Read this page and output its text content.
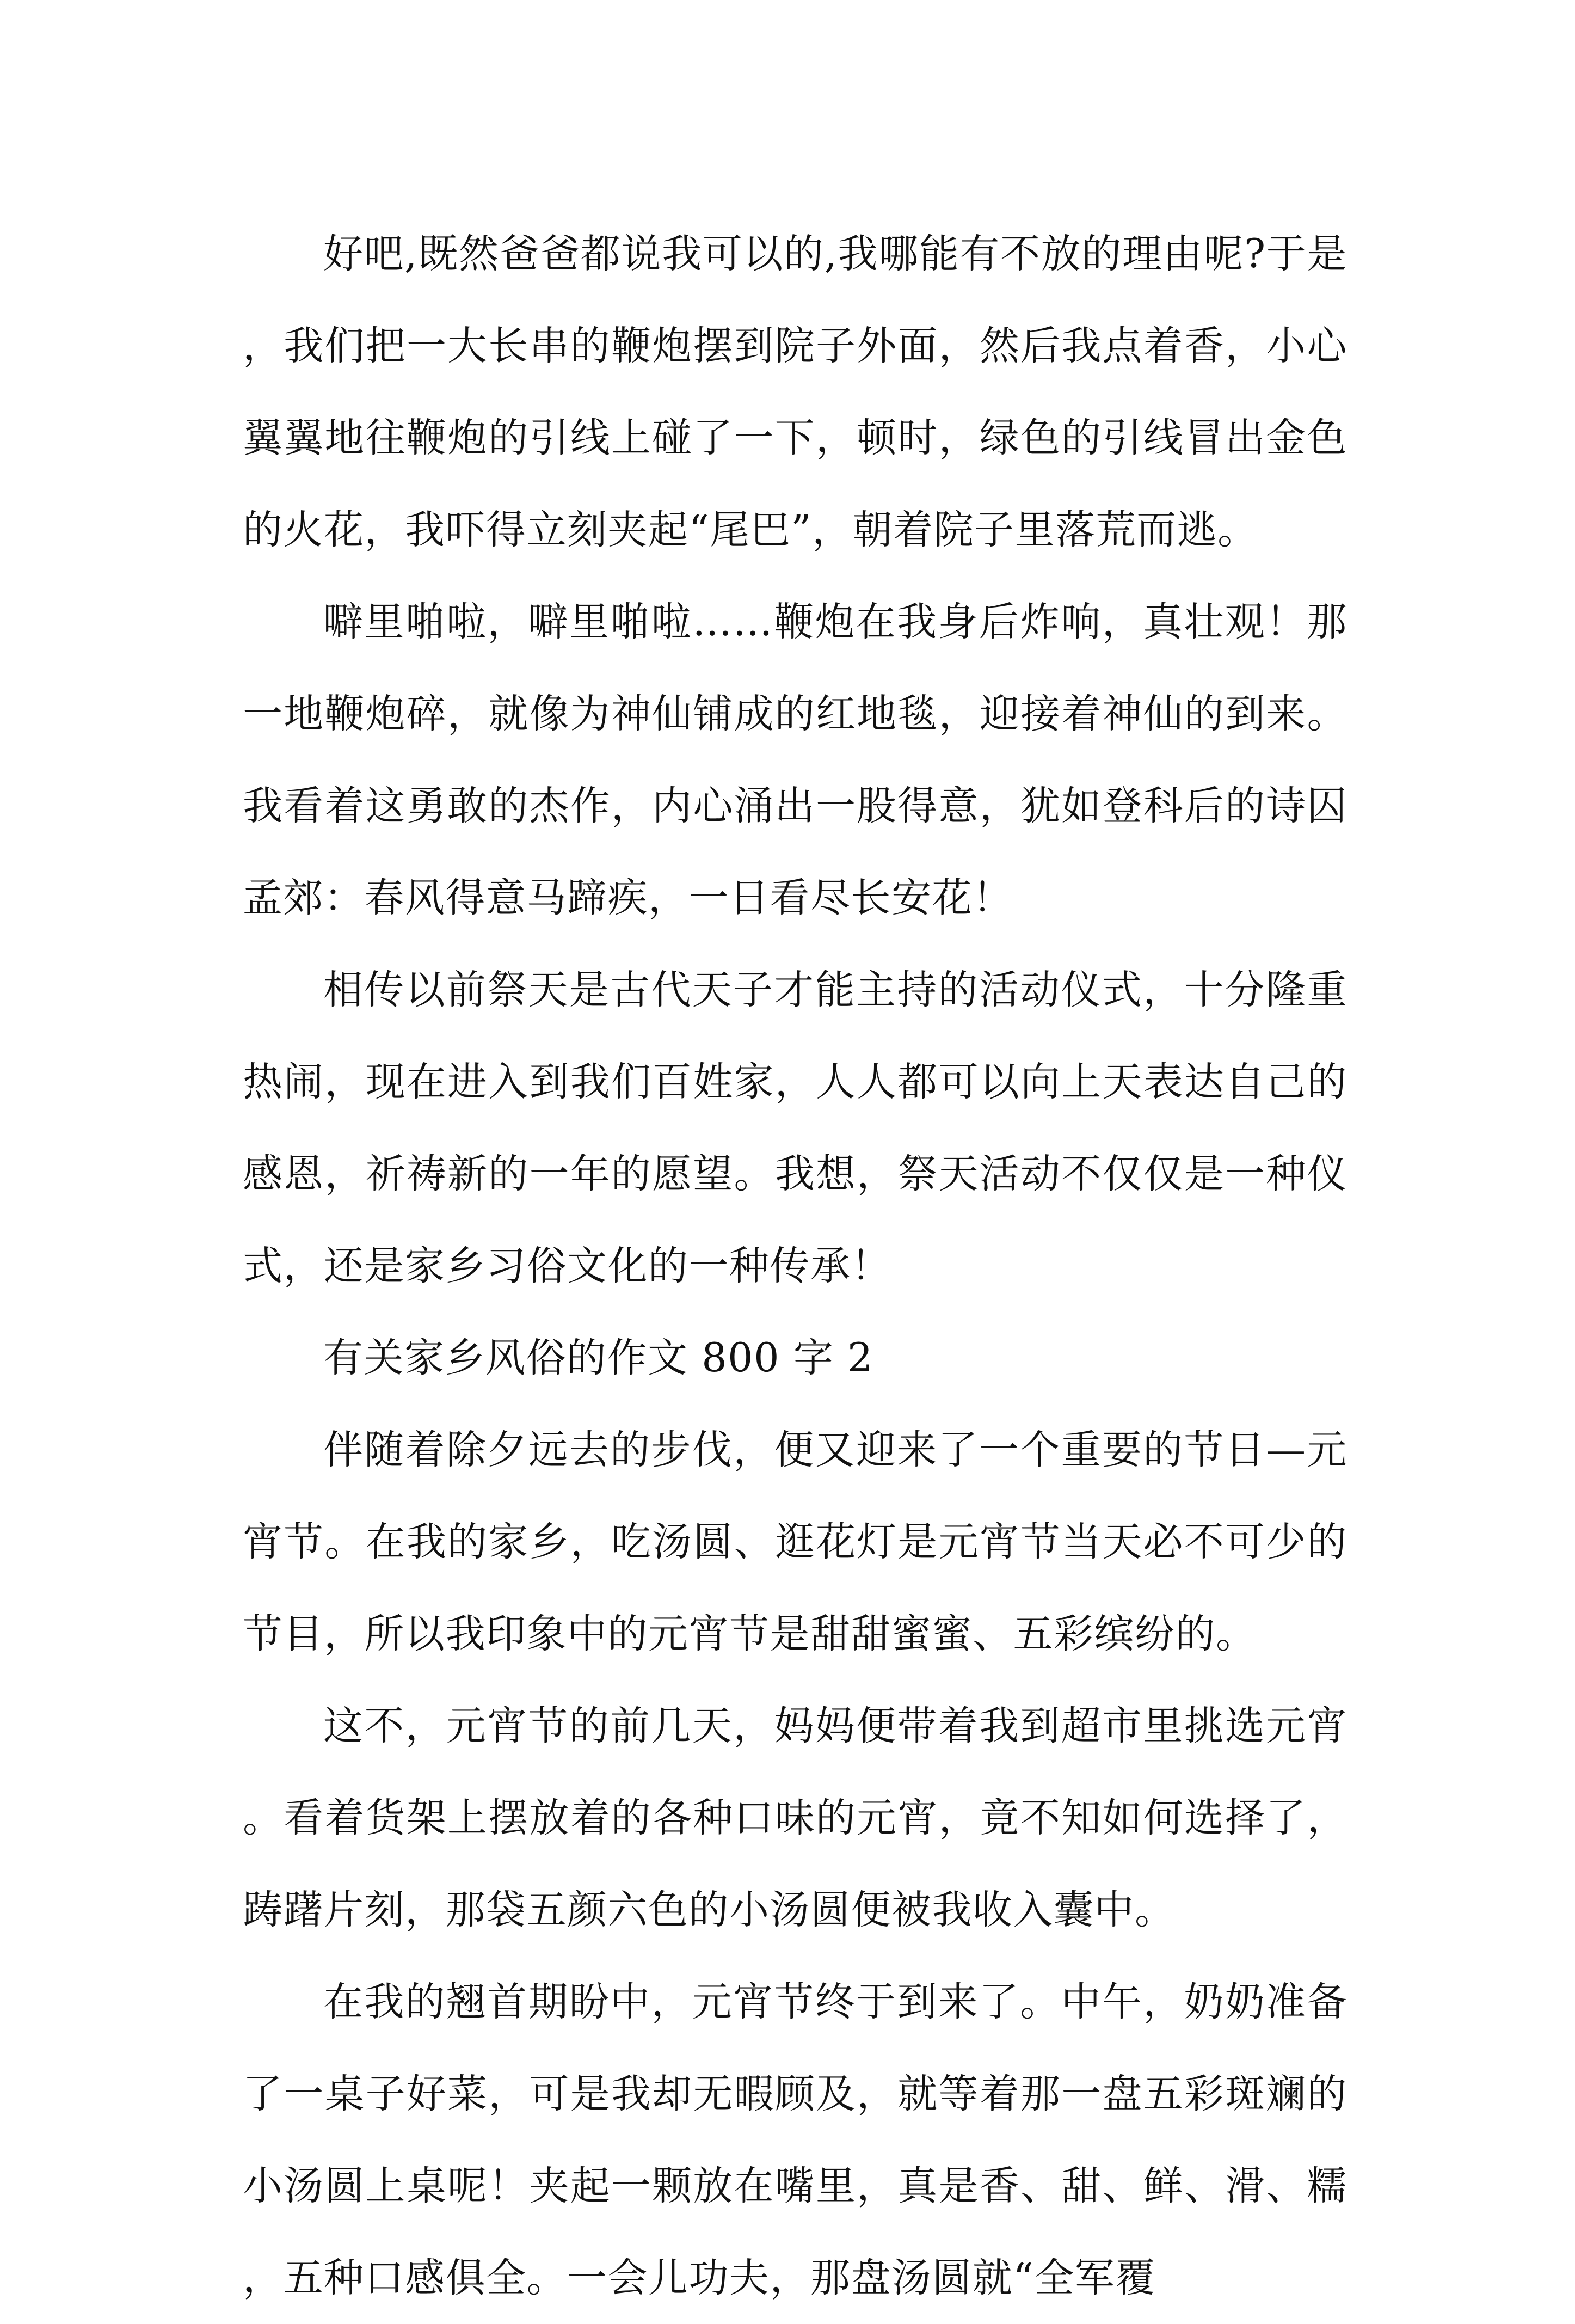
好吧,既然爸爸都说我可以的,我哪能有不放的理由呢?于是，我们把一大长串的鞭炮摆到院子外面，然后我点着香，小心翼翼地往鞭炮的引线上碰了一下，顿时，绿色的引线冒出金色的火花，我吓得立刻夹起“尾巴”，朝着院子里落荒而逃。

噼里啪啦，噼里啪啦……鞭炮在我身后炸响，真壮观！那一地鞭炮碎，就像为神仙铺成的红地毯，迎接着神仙的到来。我看着这勇敢的杰作，内心涌出一股得意，犹如登科后的诗囚孟郊：春风得意马蹄疾，一日看尽长安花！

相传以前祭天是古代天子才能主持的活动仪式，十分隆重热闹，现在进入到我们百姓家，人人都可以向上天表达自己的感恩，祈祷新的一年的愿望。我想，祭天活动不仅仅是一种仪式，还是家乡习俗文化的一种传承！

有关家乡风俗的作文 800 字 2

伴随着除夕远去的步伐，便又迎来了一个重要的节日—元宵节。在我的家乡，吃汤圆、逛花灯是元宵节当天必不可少的节目，所以我印象中的元宵节是甜甜蜜蜜、五彩缤纷的。

这不，元宵节的前几天，妈妈便带着我到超市里挑选元宵。看着货架上摆放着的各种口味的元宵，竟不知如何选择了，踌躇片刻，那袋五颜六色的小汤圆便被我收入囊中。

在我的翘首期盼中，元宵节终于到来了。中午，奶奶准备了一桌子好菜，可是我却无暇顾及，就等着那一盘五彩斑斓的小汤圆上桌呢！夹起一颗放在嘴里，真是香、甜、鲜、滑、糯，五种口感俱全。一会儿功夫，那盘汤圆就“全军覆
